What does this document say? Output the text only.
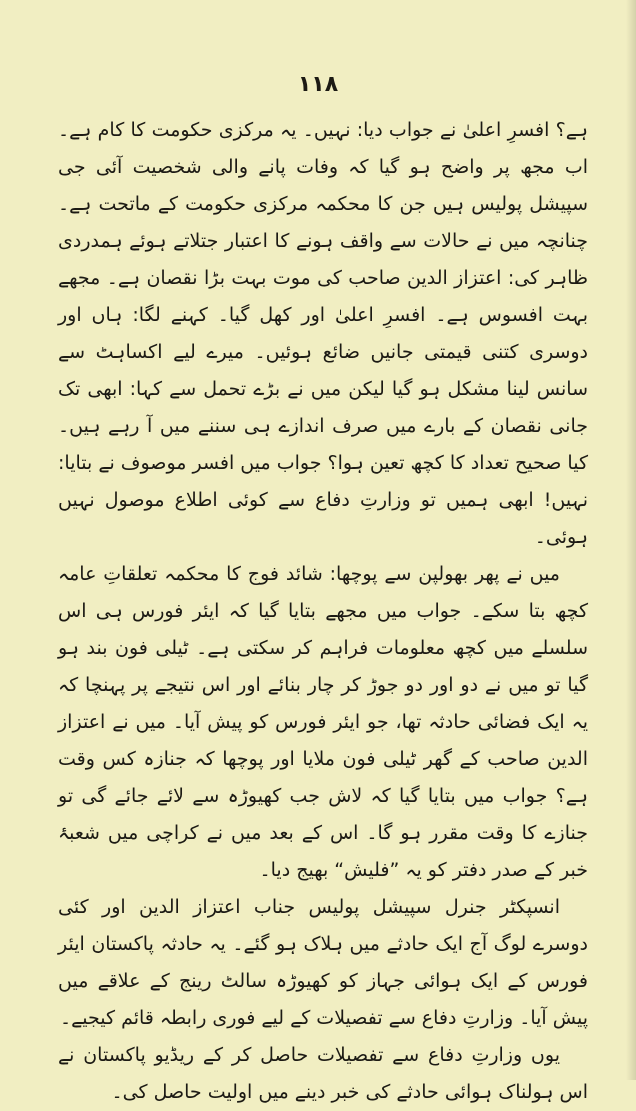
۱۱۸

ہے؟ افسرِ اعلیٰ نے جواب دیا: نہیں۔ یہ مرکزی حکومت کا کام ہے۔ اب مجھ پر واضح ہو گیا کہ وفات پانے والی شخصیت آئی جی سپیشل پولیس ہیں جن کا محکمہ مرکزی حکومت کے ماتحت ہے۔ چنانچہ میں نے حالات سے واقف ہونے کا اعتبار جتلاتے ہوئے ہمدردی ظاہر کی: اعتزاز الدین صاحب کی موت بہت بڑا نقصان ہے۔ مجھے بہت افسوس ہے۔ افسرِ اعلیٰ اور کھل گیا۔ کہنے لگا: ہاں اور دوسری کتنی قیمتی جانیں ضائع ہوئیں۔ میرے لیے اکساہٹ سے سانس لینا مشکل ہو گیا لیکن میں نے بڑے تحمل سے کہا: ابھی تک جانی نقصان کے بارے میں صرف اندازے ہی سننے میں آ رہے ہیں۔ کیا صحیح تعداد کا کچھ تعین ہوا؟ جواب میں افسر موصوف نے بتایا: نہیں! ابھی ہمیں تو وزارتِ دفاع سے کوئی اطلاع موصول نہیں ہوئی۔

میں نے پھر بھولپن سے پوچھا: شائد فوج کا محکمہ تعلقاتِ عامہ کچھ بتا سکے۔ جواب میں مجھے بتایا گیا کہ ایئر فورس ہی اس سلسلے میں کچھ معلومات فراہم کر سکتی ہے۔ ٹیلی فون بند ہو گیا تو میں نے دو اور دو جوڑ کر چار بنائے اور اس نتیجے پر پہنچا کہ یہ ایک فضائی حادثہ تھا، جو ایئر فورس کو پیش آیا۔ میں نے اعتزاز الدین صاحب کے گھر ٹیلی فون ملایا اور پوچھا کہ جنازہ کس وقت ہے؟ جواب میں بتایا گیا کہ لاش جب کھیوڑہ سے لائے جائے گی تو جنازے کا وقت مقرر ہو گا۔ اس کے بعد میں نے کراچی میں شعبۂ خبر کے صدر دفتر کو یہ ”فلیش“ بھیج دیا۔

انسپکٹر جنرل سپیشل پولیس جناب اعتزاز الدین اور کئی دوسرے لوگ آج ایک حادثے میں ہلاک ہو گئے۔ یہ حادثہ پاکستان ایئر فورس کے ایک ہوائی جہاز کو کھیوڑہ سالٹ رینج کے علاقے میں پیش آیا۔ وزارتِ دفاع سے تفصیلات کے لیے فوری رابطہ قائم کیجیے۔

یوں وزارتِ دفاع سے تفصیلات حاصل کر کے ریڈیو پاکستان نے اس ہولناک ہوائی حادثے کی خبر دینے میں اولیت حاصل کی۔
